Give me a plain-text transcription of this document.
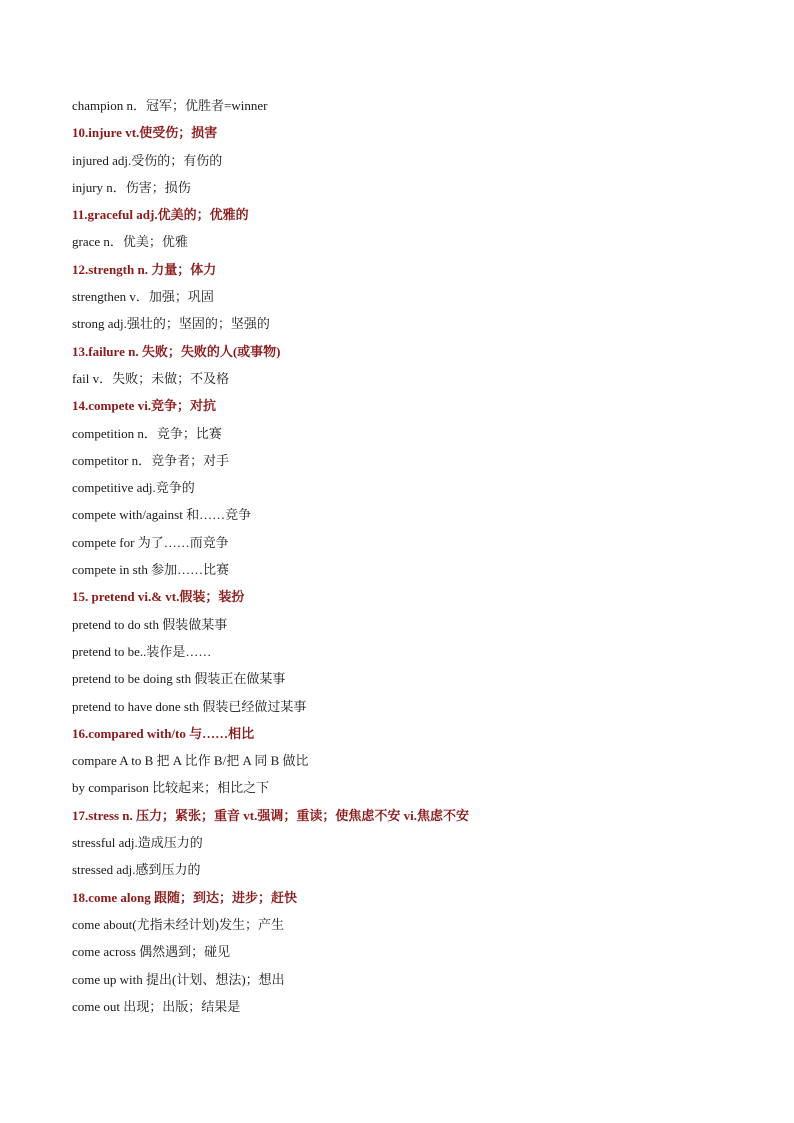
champion n．冠军；优胜者=winner
10.injure vt.使受伤；损害
injured adj.受伤的；有伤的
injury n．伤害；损伤
11.graceful adj.优美的；优雅的
grace n．优美；优雅
12.strength n. 力量；体力
strengthen v．加强；巩固
strong adj.强壮的；坚固的；坚强的
13.failure n. 失败；失败的人(或事物)
fail v．失败；未做；不及格
14.compete vi.竞争；对抗
competition n．竞争；比赛
competitor n．竞争者；对手
competitive adj.竞争的
compete with/against 和……竞争
compete for 为了……而竞争
compete in sth 参加……比赛
15. pretend vi.& vt.假装；装扮
pretend to do sth 假装做某事
pretend to be..装作是……
pretend to be doing sth 假装正在做某事
pretend to have done sth 假装已经做过某事
16.compared with/to 与……相比
compare A to B 把 A 比作 B/把 A 同 B 做比
by comparison 比较起来；相比之下
17.stress n. 压力；紧张；重音 vt.强调；重读；使焦虑不安 vi.焦虑不安
stressful adj.造成压力的
stressed adj.感到压力的
18.come along 跟随；到达；进步；赶快
come about(尤指未经计划)发生；产生
come across 偶然遇到；碰见
come up with 提出(计划、想法)；想出
come out 出现；出版；结果是
